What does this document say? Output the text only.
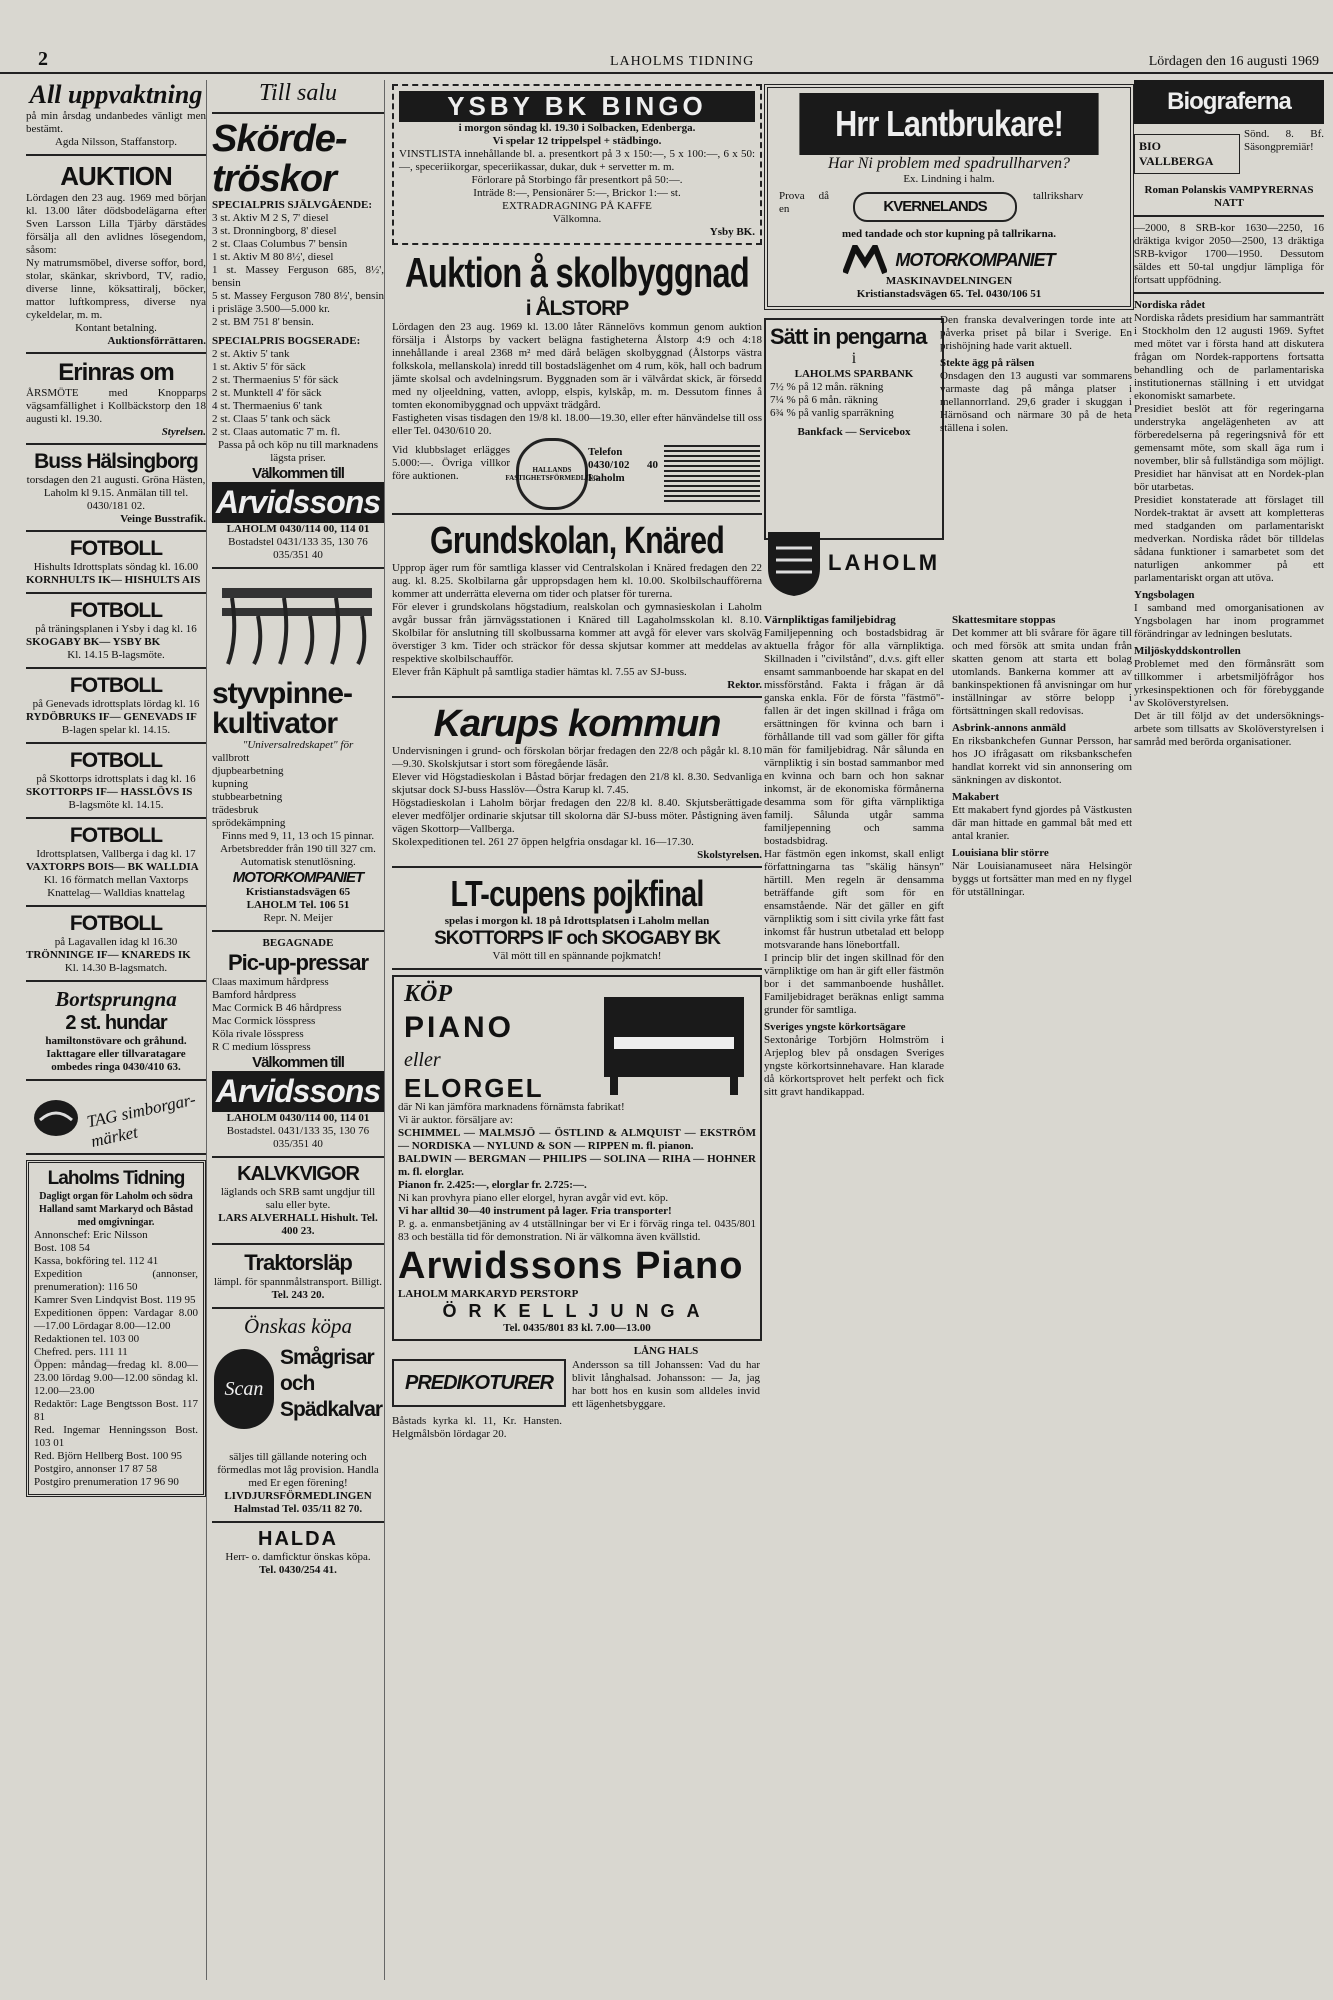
2	LAHOLMS TIDNING	Lördagen den 16 augusti 1969
All uppvaktning

på min årsdag undanbedes vänligt men bestämt.

Agda Nilsson, Staffanstorp.

AUKTION

Lördagen den 23 aug. 1969 med början kl. 13.00 låter dödsbodelägarna efter Sven Larsson Lilla Tjärby därstädes försälja all den avlidnes lösegendom, såsom:

Ny matrumsmöbel, diverse soffor, bord, stolar, skänkar, skrivbord, TV, radio, diverse linne, köksattiralj, böcker, mattor luftkompress, diverse nya cykeldelar, m. m.

Kontant betalning.

Auktionsförrättaren.

Erinras om

ÅRSMÖTE med Knopparps vägsamfällighet i Kollbäckstorp den 18 augusti kl. 19.30.

Styrelsen.

Buss Hälsingborg

torsdagen den 21 augusti. Gröna Hästen, Laholm kl 9.15. Anmälan till tel. 0430/181 02.

Veinge Busstrafik.

FOTBOLL

Hishults Idrottsplats söndag kl. 16.00

KORNHULTS IK— HISHULTS AIS

FOTBOLL

på träningsplanen i Ysby i dag kl. 16

SKOGABY BK— YSBY BK

Kl. 14.15 B-lagsmöte.

FOTBOLL

på Genevads idrottsplats lördag kl. 16

RYDÖBRUKS IF— GENEVADS IF

B-lagen spelar kl. 14.15.

FOTBOLL

på Skottorps idrottsplats i dag kl. 16

SKOTTORPS IF— HASSLÖVS IS

B-lagsmöte kl. 14.15.

FOTBOLL

Idrottsplatsen, Vallberga i dag kl. 17

VAXTORPS BOIS— BK WALLDIA

Kl. 16 förmatch mellan Vaxtorps Knattelag— Walldias knattelag

FOTBOLL

på Lagavallen idag kl 16.30

TRÖNNINGE IF— KNAREDS IK

Kl. 14.30 B-lagsmatch.

Bortsprungna
2 st. hundar

hamiltonstövare och gråhund. Iakttagare eller tillvaratagare ombedes ringa 0430/410 63.

TAG simborgar-märket
Laholms Tidning

Dagligt organ för Laholm och södra Halland samt Markaryd och Båstad med omgivningar.

Annonschef: Eric Nilsson

Bost. 108 54

Kassa, bokföring tel. 112 41

Expedition (annonser, prenumeration): 116 50

Kamrer Sven Lindqvist Bost. 119 95

Expeditionen öppen: Vardagar 8.00—17.00 Lördagar 8.00—12.00

Redaktionen tel. 103 00

Chefred. pers. 111 11

Öppen: måndag—fredag kl. 8.00—23.00 lördag 9.00—12.00 söndag kl. 12.00—23.00

Redaktör: Lage Bengtsson Bost. 117 81

Red. Ingemar Henningsson Bost. 103 01

Red. Björn Hellberg Bost. 100 95

Postgiro, annonser 17 87 58

Postgiro prenumeration 17 96 90

Till salu
Skörde- tröskor

SPECIALPRIS SJÄLVGÅENDE:

3 st. Aktiv M 2 S, 7' diesel

3 st. Dronningborg, 8' diesel

2 st. Claas Columbus 7' bensin

1 st. Aktiv M 80 8½', diesel

1 st. Massey Ferguson 685, 8½', bensin

5 st. Massey Ferguson 780 8½', bensin i prisläge 3.500—5.000 kr.

2 st. BM 751 8' bensin.

SPECIALPRIS BOGSERADE:

2 st. Aktiv 5' tank

1 st. Aktiv 5' för säck

2 st. Thermaenius 5' för säck

2 st. Munktell 4' för säck

4 st. Thermaenius 6' tank

2 st. Claas 5' tank och säck

2 st. Claas automatic 7' m. fl.

Passa på och köp nu till marknadens lägsta priser.

Välkommen till
Arvidssons

LAHOLM 0430/114 00, 114 01

Bostadstel 0431/133 35, 130 76 035/351 40

styvpinne- kultivator

"Universalredskapet" för

vallbrott

djupbearbetning

kupning

stubbearbetning

trädesbruk

sprödekämpning

Finns med 9, 11, 13 och 15 pinnar. Arbetsbredder från 190 till 327 cm. Automatisk stenutlösning.

MOTORKOMPANIET

Kristianstadsvägen 65

LAHOLM Tel. 106 51

Repr. N. Meijer

BEGAGNADE

Pic-up-pressar

Claas maximum hårdpress

Bamford hårdpress

Mac Cormick B 46 hårdpress

Mac Cormick lösspress

Köla rivale lösspress

R C medium lösspress

Välkommen till
Arvidssons

LAHOLM 0430/114 00, 114 01

Bostadstel. 0431/133 35, 130 76 035/351 40

KALVKVIGOR

läglands och SRB samt ungdjur till salu eller byte.

LARS ALVERHALL Hishult. Tel. 400 23.

Traktorsläp

lämpl. för spannmålstransport. Billigt.

Tel. 243 20.

Önskas köpa
Scan
Smågrisar och Spädkalvar

säljes till gällande notering och förmedlas mot låg provision. Handla med Er egen förening!

LIVDJURSFÖRMEDLINGEN Halmstad Tel. 035/11 82 70.

HALDA

Herr- o. damficktur önskas köpa.

Tel. 0430/254 41.

YSBY BK BINGO

i morgon söndag kl. 19.30 i Solbacken, Edenberga.

Vi spelar 12 trippelspel + städbingo.

VINSTLISTA innehållande bl. a. presentkort på 3 x 150:—, 5 x 100:—, 6 x 50:—, speceriikorgar, speceriikassar, dukar, duk + servetter m. m.

Förlorare på Storbingo får presentkort på 50:—.

Inträde 8:—, Pensionärer 5:—, Brickor 1:— st.

EXTRADRAGNING PÅ KAFFE

Välkomna.

Ysby BK.

Auktion å skolbyggnad
i ÅLSTORP

Lördagen den 23 aug. 1969 kl. 13.00 låter Rännelövs kommun genom auktion försälja i Ålstorps by vackert belägna fastigheterna Ålstorp 4:9 och 4:18 innehållande i areal 2368 m² med därå belägen skolbyggnad (Ålstorps västra folkskola, mellanskola) inredd till bostadslägenhet om 4 rum, kök, hall och badrum jämte skolsal och avdelningsrum. Byggnaden som är i välvårdat skick, är försedd med ny oljeeldning, vatten, avlopp, elspis, kylskåp, m. m. Dessutom finnes å tomten ekonomibyggnad och uppväxt trädgård.

Fastigheten visas tisdagen den 19/8 kl. 18.00—19.30, eller efter hänvändelse till oss eller Tel. 0430/610 20.

Vid klubbslaget erlägges 5.000:—. Övriga villkor före auktionen.	HALLANDS FASTIGHETSFÖRMEDLING

Telefon 0430/102 40 Laholm

Grundskolan, Knäred

Upprop äger rum för samtliga klasser vid Centralskolan i Knäred fredagen den 22 aug. kl. 8.25. Skolbilarna går uppropsdagen hem kl. 10.00. Skolbilschaufförerna kommer att underrätta eleverna om tider och platser för turerna.

För elever i grundskolans högstadium, realskolan och gymnasieskolan i Laholm avgår bussar från järnvägsstationen i Knäred till Lagaholmsskolan kl. 8.10. Skolbilar för anslutning till skolbussarna kommer att avgå för elever vars skolväg överstiger 3 km. Tider och sträckor för dessa skjutsar kommer att meddelas av respektive skolbilschaufför.

Elever från Käphult på samtliga stadier hämtas kl. 7.55 av SJ-buss.

Rektor.

Karups kommun

Undervisningen i grund- och förskolan börjar fredagen den 22/8 och pågår kl. 8.10—9.30. Skolskjutsar i stort som föregående läsår.

Elever vid Högstadieskolan i Båstad börjar fredagen den 21/8 kl. 8.30. Sedvanliga skjutsar dock SJ-buss Hasslöv—Östra Karup kl. 7.45.

Högstadieskolan i Laholm börjar fredagen den 22/8 kl. 8.40. Skjutsberättigade elever medföljer ordinarie skjutsar till skolorna där SJ-buss möter. Påstigning även vägen Skottorp—Vallberga.

Skolexpeditionen tel. 261 27 öppen helgfria onsdagar kl. 16—17.30.

Skolstyrelsen.

LT-cupens pojkfinal

spelas i morgon kl. 18 på Idrottsplatsen i Laholm mellan

SKOTTORPS IF och SKOGABY BK

Väl mött till en spännande pojkmatch!

KÖP
PIANO
eller
ELORGEL

där Ni kan jämföra marknadens förnämsta fabrikat!

Vi är auktor. försäljare av:

SCHIMMEL — MALMSJÖ — ÖSTLIND & ALMQUIST — EKSTRÖM — NORDISKA — NYLUND & SON — RIPPEN m. fl. pianon.

BALDWIN — BERGMAN — PHILIPS — SOLINA — RIHA — HOHNER m. fl. elorglar.

Pianon fr. 2.425:—, elorglar fr. 2.725:—.

Ni kan provhyra piano eller elorgel, hyran avgår vid evt. köp.

Vi har alltid 30—40 instrument på lager. Fria transporter!

P. g. a. enmansbetjäning av 4 utställningar ber vi Er i förväg ringa tel. 0435/801 83 och beställa tid för demonstration. Ni är välkomna även kvällstid.

Arwidssons Piano

LAHOLM MARKARYD PERSTORP

ÖRKELLJUNGA

Tel. 0435/801 83 kl. 7.00—13.00

PREDIKOTURER

LÅNG HALS

Andersson sa till Johanssen: Vad du har blivit långhalsad. Johansson: — Ja, jag har bott hos en kusin som alldeles invid ett lägenhetsbyggare.

Båstads kyrka kl. 11, Kr. Hansten. Helgmålsbön lördagar 20.

Hrr Lantbrukare!

Har Ni problem med spadrullharven?

Ex. Lindning i halm.

Prova då en	KVERNELANDS

tallriksharv

med tandade och stor kupning på tallrikarna.

MOTORKOMPANIET

MASKINAVDELNINGEN

Kristianstadsvägen 65. Tel. 0430/106 51

Sätt in pengarna

i

LAHOLMS SPARBANK

7½ % på 12 mån. räkning

7¼ % på 6 mån. räkning

6¾ % på vanlig sparräkning

Bankfack — Servicebox

LAHOLM

Den franska devalveringen torde inte att påverka priset på bilar i Sverige. En prishöjning hade varit aktuell.

Stekte ägg på rälsen

Onsdagen den 13 augusti var sommarens varmaste dag på många platser i mellannorrland. 29,6 grader i skuggan i Härnösand och närmare 30 på de heta ställena i solen.

Värnpliktigas familjebidrag

Familjepenning och bostadsbidrag är aktuella frågor för alla värnpliktiga. Skillnaden i "civilstånd", d.v.s. gift eller ensamt sammanboende har skapat en del missförstånd. Fakta i frågan är då ganska enkla. För de första "fästmö"-fallen är det ingen skillnad i fråga om ersättningen för kvinna och barn i förhållande till vad som gäller för gifta män för familjebidrag. Når sålunda en värnpliktig i sin bostad sammanbor med en kvinna och barn och hon saknar inkomst, är de ekonomiska förmånerna desamma som för gifta värnpliktiga familj. Sålunda utgår samma familjepenning och samma bostadsbidrag.

Har fästmön egen inkomst, skall enligt författningarna tas "skälig hänsyn" härtill. Men regeln är densamma beträffande gift som för en ensamstående. När det gäller en gift värnpliktig som i sitt civila yrke fått fast inkomst får hustrun utbetalad ett belopp motsvarande hans lönebortfall.

I princip blir det ingen skillnad för den värnpliktige om han är gift eller fästmön bor i det sammanboende hushållet. Familjebidraget beräknas enligt samma grunder för samtliga.

Sveriges yngste körkortsägare

Sextonårige Torbjörn Holmström i Arjeplog blev på onsdagen Sveriges yngste körkortsinnehavare. Han klarade då körkortsprovet helt perfekt och fick sitt gravt handikappad.

Skattesmitare stoppas

Det kommer att bli svårare för ägare till och med försök att smita undan från skatten genom att starta ett bolag utomlands. Bankerna kommer att av bankinspektionen få anvisningar om hur inställningar av större belopp i förtsättningen skall redovisas.

Asbrink-annons anmäld

En riksbankchefen Gunnar Persson, har hos JO ifrågasatt om riksbankschefen handlat korrekt vid sin annonsering om sänkningen av diskontot.

Makabert

Ett makabert fynd gjordes på Västkusten där man hittade en gammal båt med ett antal kranier.

Louisiana blir större

När Louisianamuseet nära Helsingör byggs ut fortsätter man med en ny flygel för utställningar.

Biograferna
BIO VALLBERGA

Sönd. 8. Bf. Säsongpremiär!

Roman Polanskis VAMPYRERNAS NATT

—2000, 8 SRB-kor 1630—2250, 16 dräktiga kvigor 2050—2500, 13 dräktiga SRB-kvigor 1700—1950. Dessutom säldes ett 50-tal ungdjur lämpliga för fortsatt uppfödning.

Nordiska rådet

Nordiska rådets presidium har sammanträtt i Stockholm den 12 augusti 1969. Syftet med mötet var i första hand att diskutera frågan om Nordek-rapportens fortsatta behandling och de parlamentariska institutionernas ställning i ett utvidgat ekonomiskt samarbete.

Presidiet beslöt att för regeringarna understryka angelägenheten av att förberedelserna på regeringsnivå för ett gemensamt möte, som skall äga rum i november, blir så fullständiga som möjligt. Presidiet har hänvisat att en Nordek-plan bör utarbetas.

Presidiet konstaterade att förslaget till Nordek-traktat är avsett att kompletteras med stadganden om parlamentariskt medverkan. Nordiska rådet bör tilldelas sådana funktioner i samarbetet som det naturligen ankommer på ett parlamentariskt organ att utöva.

Yngsbolagen

I samband med omorganisationen av Yngsbolagen har inom programmet förändringar av ledningen beslutats.

Miljöskyddskontrollen

Problemet med den förmånsrätt som tillkommer i arbetsmiljöfrågor hos yrkesinspektionen och för förebyggande av Skolöverstyrelsen.

Det är till följd av det undersöknings-arbete som tillsatts av Skolöverstyrelsen i samråd med berörda organisationer.
